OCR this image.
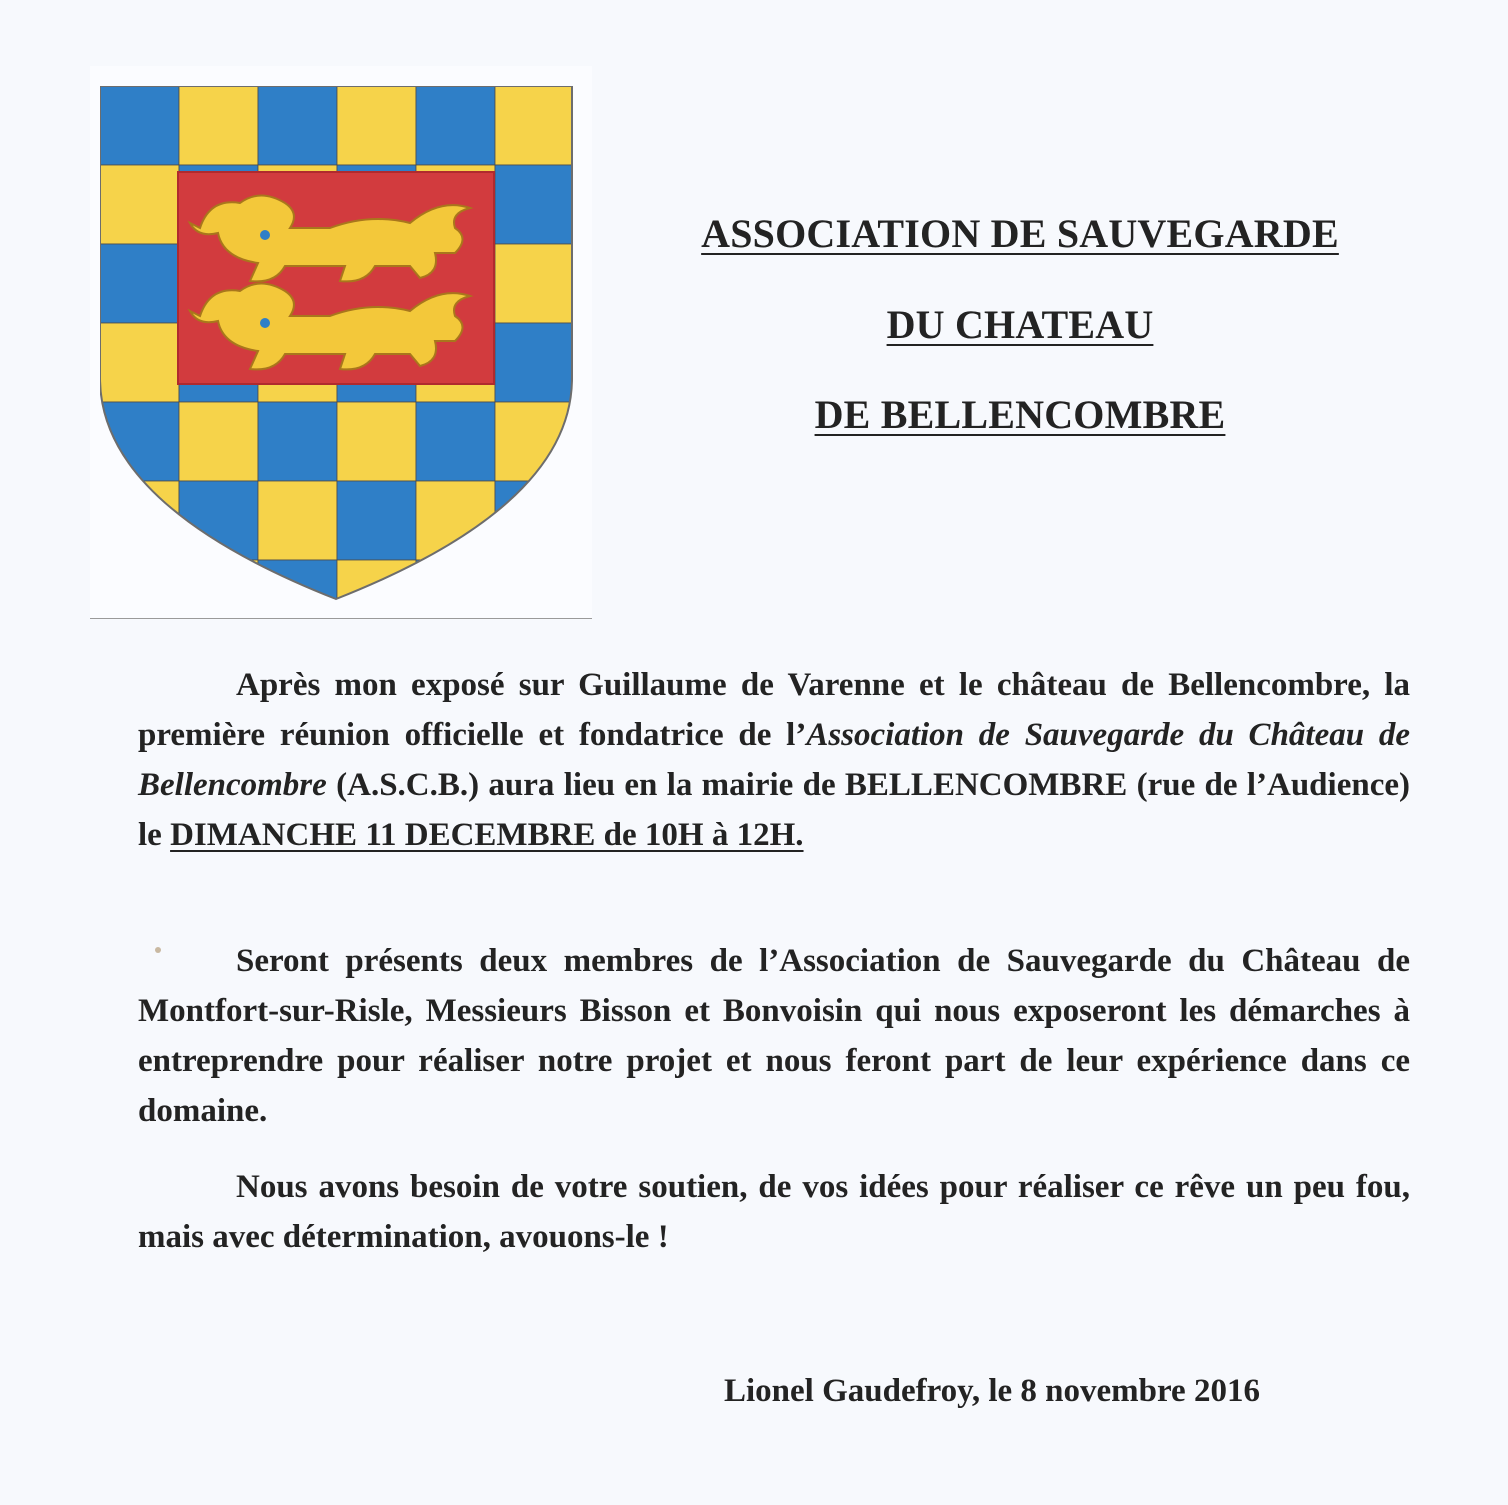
ASSOCIATION DE SAUVEGARDE
DU CHATEAU
DE BELLENCOMBRE

Après mon exposé sur Guillaume de Varenne et le château de Bellencombre, la première réunion officielle et fondatrice de l’Association de Sauvegarde du Château de Bellencombre (A.S.C.B.) aura lieu en la mairie de BELLENCOMBRE (rue de l’Audience) le DIMANCHE 11 DECEMBRE de 10H à 12H.

Seront présents deux membres de l’Association de Sauvegarde du Château de Montfort-sur-Risle, Messieurs Bisson et Bonvoisin qui nous exposeront les démarches à entreprendre pour réaliser notre projet et nous feront part de leur expérience dans ce domaine.

Nous avons besoin de votre soutien, de vos idées pour réaliser ce rêve un peu fou, mais avec détermination, avouons-le !

Lionel Gaudefroy, le 8 novembre 2016
